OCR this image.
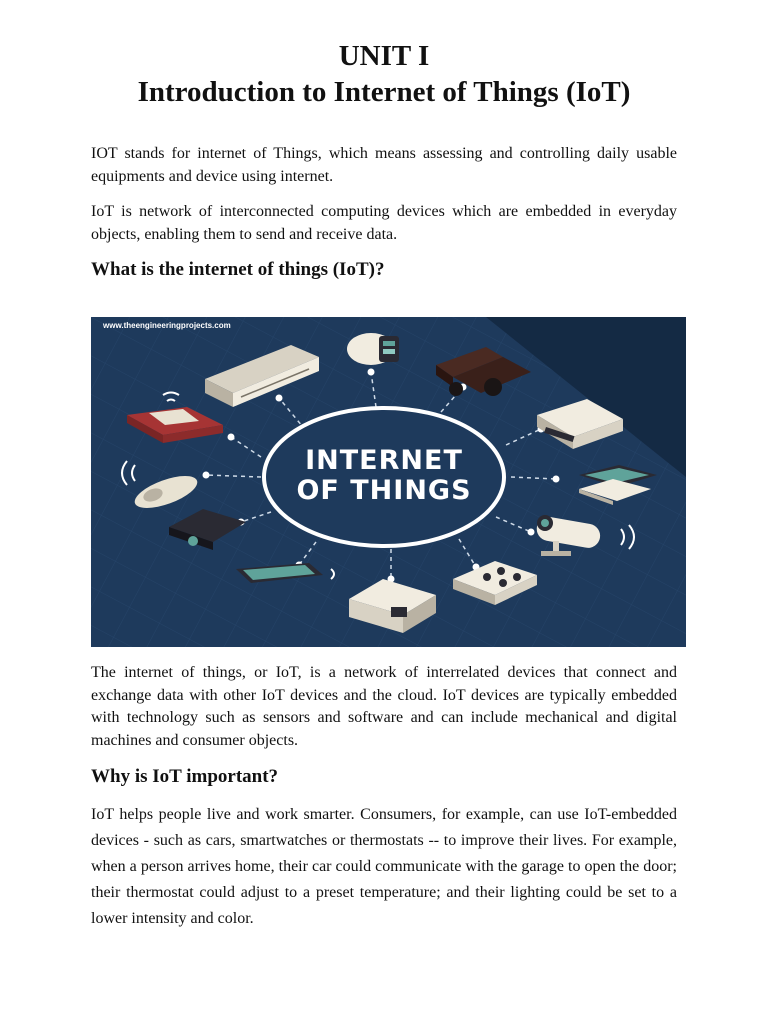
UNIT I
Introduction to Internet of Things (IoT)

IOT stands for internet of Things, which means assessing and controlling daily usable equipments and device using internet.

IoT is network of interconnected computing devices which are embedded in everyday objects, enabling them to send and receive data.

What is the internet of things (IoT)?
www.theengineeringprojects.com
INTERNET
OF THINGS

The internet of things, or IoT, is a network of interrelated devices that connect and exchange data with other IoT devices and the cloud. IoT devices are typically embedded with technology such as sensors and software and can include mechanical and digital machines and consumer objects.

Why is IoT important?

IoT helps people live and work smarter. Consumers, for example, can use IoT-embedded devices - such as cars, smartwatches or thermostats -- to improve their lives. For example, when a person arrives home, their car could communicate with the garage to open the door; their thermostat could adjust to a preset temperature; and their lighting could be set to a lower intensity and color.
